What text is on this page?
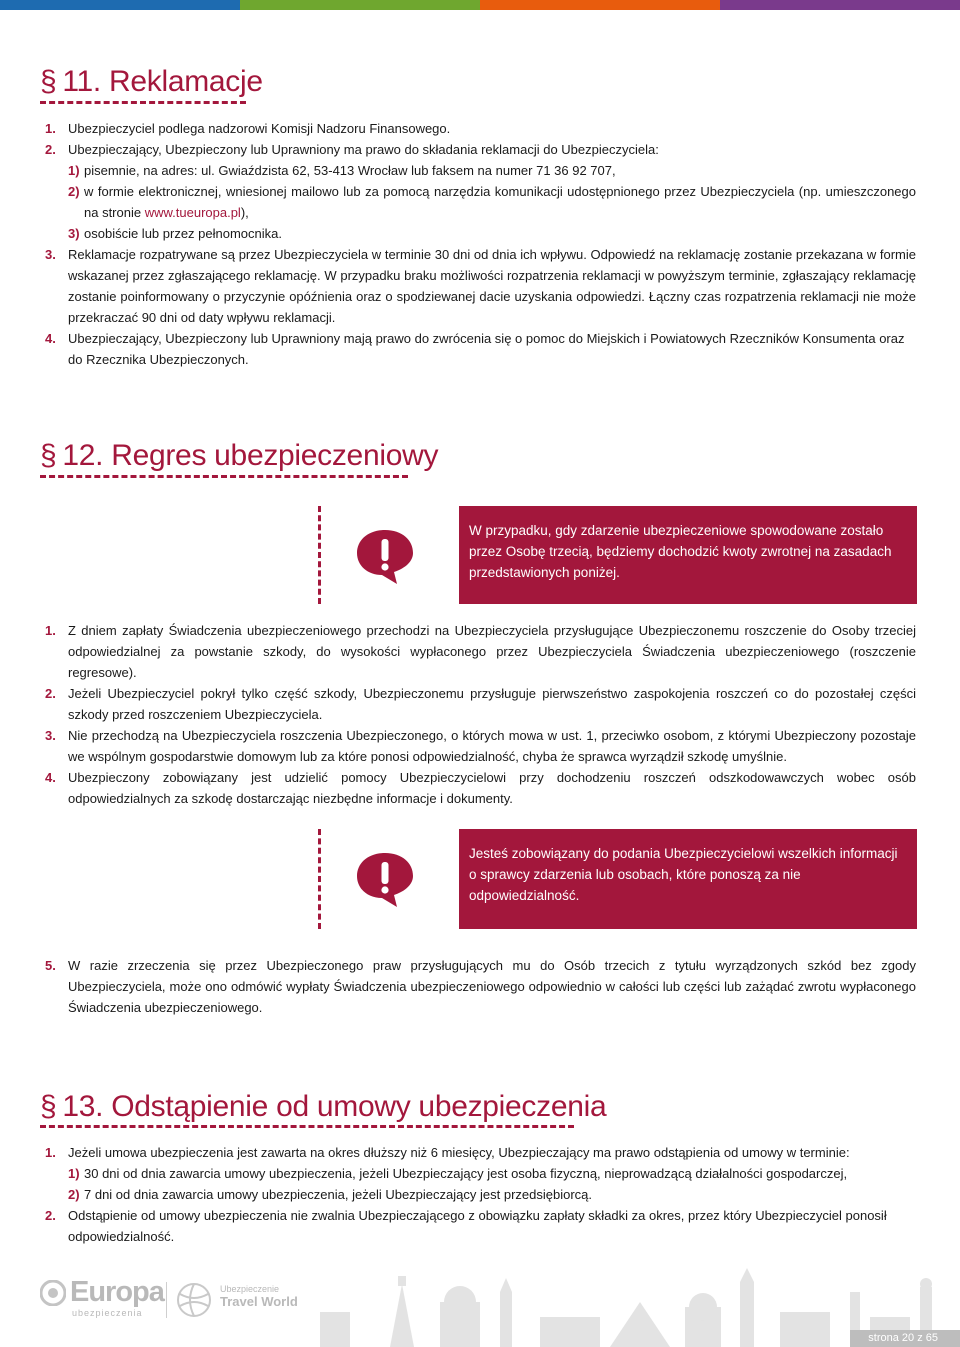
§ 11. Reklamacje
1. Ubezpieczyciel podlega nadzorowi Komisji Nadzoru Finansowego.
2. Ubezpieczający, Ubezpieczony lub Uprawniony ma prawo do składania reklamacji do Ubezpieczyciela:
1) pisemnie, na adres: ul. Gwiaździsta 62, 53-413 Wrocław lub faksem na numer 71 36 92 707,
2) w formie elektronicznej, wniesionej mailowo lub za pomocą narzędzia komunikacji udostępnionego przez Ubezpieczyciela (np. umieszczonego na stronie www.tueuropa.pl),
3) osobiście lub przez pełnomocnika.
3. Reklamacje rozpatrywane są przez Ubezpieczyciela w terminie 30 dni od dnia ich wpływu. Odpowiedź na reklamację zostanie przekazana w formie wskazanej przez zgłaszającego reklamację. W przypadku braku możliwości rozpatrzenia reklamacji w powyższym terminie, zgłaszający reklamację zostanie poinformowany o przyczynie opóźnienia oraz o spodziewanej dacie uzyskania odpowiedzi. Łączny czas rozpatrzenia reklamacji nie może przekraczać 90 dni od daty wpływu reklamacji.
4. Ubezpieczający, Ubezpieczony lub Uprawniony mają prawo do zwrócenia się o pomoc do Miejskich i Powiatowych Rzeczników Konsumenta oraz do Rzecznika Ubezpieczonych.
§ 12. Regres ubezpieczeniowy
W przypadku, gdy zdarzenie ubezpieczeniowe spowodowane zostało przez Osobę trzecią, będziemy dochodzić kwoty zwrotnej na zasadach przedstawionych poniżej.
1. Z dniem zapłaty Świadczenia ubezpieczeniowego przechodzi na Ubezpieczyciela przysługujące Ubezpieczonemu roszczenie do Osoby trzeciej odpowiedzialnej za powstanie szkody, do wysokości wypłaconego przez Ubezpieczyciela Świadczenia ubezpieczeniowego (roszczenie regresowe).
2. Jeżeli Ubezpieczyciel pokrył tylko część szkody, Ubezpieczonemu przysługuje pierwszeństwo zaspokojenia roszczeń co do pozostałej części szkody przed roszczeniem Ubezpieczyciela.
3. Nie przechodzą na Ubezpieczyciela roszczenia Ubezpieczonego, o których mowa w ust. 1, przeciwko osobom, z którymi Ubezpieczony pozostaje we wspólnym gospodarstwie domowym lub za które ponosi odpowiedzialność, chyba że sprawca wyrządził szkodę umyślnie.
4. Ubezpieczony zobowiązany jest udzielić pomocy Ubezpieczycielowi przy dochodzeniu roszczeń odszkodowawczych wobec osób odpowiedzialnych za szkodę dostarczając niezbędne informacje i dokumenty.
Jesteś zobowiązany do podania Ubezpieczycielowi wszelkich informacji o sprawcy zdarzenia lub osobach, które ponoszą za nie odpowiedzialność.
5. W razie zrzeczenia się przez Ubezpieczonego praw przysługujących mu do Osób trzecich z tytułu wyrządzonych szkód bez zgody Ubezpieczyciela, może ono odmówić wypłaty Świadczenia ubezpieczeniowego odpowiednio w całości lub części lub zażądać zwrotu wypłaconego Świadczenia ubezpieczeniowego.
§ 13. Odstąpienie od umowy ubezpieczenia
1. Jeżeli umowa ubezpieczenia jest zawarta na okres dłuższy niż 6 miesięcy, Ubezpieczający ma prawo odstąpienia od umowy w terminie:
1) 30 dni od dnia zawarcia umowy ubezpieczenia, jeżeli Ubezpieczający jest osoba fizyczną, nieprowadzącą działalności gospodarczej,
2) 7 dni od dnia zawarcia umowy ubezpieczenia, jeżeli Ubezpieczający jest przedsiębiorcą.
2. Odstąpienie od umowy ubezpieczenia nie zwalnia Ubezpieczającego z obowiązku zapłaty składki za okres, przez który Ubezpieczyciel ponosił odpowiedzialność.
Europa
ubezpieczenia
Ubezpieczenie
Travel World
strona 20 z 65
